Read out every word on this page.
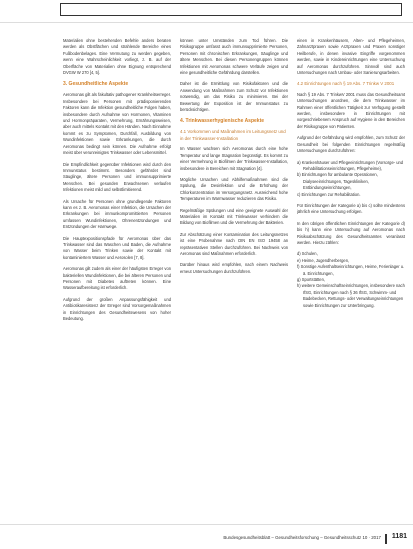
Materialien ohne bestehenden Befehle anders beraten werden als Obstflächen und strahlende Bereiche eines Fußbodenbelages. Eine Vermutung zu werden gegeben, wenn eine Wahrscheinlichkeit vorliegt, z. B. auf der Oberfläche von Materialien ohne Eignung entsprechend DVGW W 270 [4, 5].

3. Gesundheitliche Aspekte

Aeromonas gilt als fakultativ pathogener Krankheitserreger. Insbesondere bei Personen mit prädisponierenden Faktoren kann die Infektion gesundheitliche Folgen haben, insbesondere durch Aufnahme von Hormonen, Vitaminen und Hormonpräparaten, Vermehrung, Ernährungsweisen, aber auch mittels Kontakt mit den Händen. Nach Einnahme kommt es zu Symptomen, Durchfall, Ausbildung von Wundinfektionen sowie Erkrankungen, die durch Aeromonas bedingt sein können. Die Aufnahme erfolgt meist über verunreinigtes Trinkwasser oder Lebensmittel.

Die Empfindlichkeit gegenüber Infektionen wird durch den Immunstatus bestimmt. Besonders gefährdet sind Säuglinge, ältere Personen und immunsupprimierte Menschen. Bei gesunden Erwachsenen verlaufen Infektionen meist mild und selbstlimitierend.

Als Ursache für Personen ohne grundlegende Faktoren kann es z. B. Aeromonas einer Infektion, die Ursachen der Erkrankungen bei immunkompromittierten Personen umfassen Wundinfektionen, Ohrenentzündungen und Entzündungen der Harnwege.

Die Hauptexpositionspfade für Aeromonas über das Trinkwasser sind das Waschen und Baden, die Aufnahme von Wasser beim Trinken sowie der Kontakt mit kontaminiertem Wasser und Aerosolen [7, 8].

Aeromonas gilt zudem als einer der häufigsten Erreger von bakteriellen Wundinfektionen, die bei älteren Personen und Personen mit Diabetes auftreten können. Eine Wasseraufbereitung ist erforderlich.

Aufgrund der großen Anpassungsfähigkeit und Antibiotikaresistenz der Erreger sind Vorsorgemaßnahmen in Einrichtungen des Gesundheitswesens von hoher Bedeutung.

können unter Umständen zum Tod führen. Die Risikogruppe umfasst auch immunsupprimierte Personen, Personen mit chronischen Erkrankungen, Säuglinge und ältere Menschen. Bei diesen Personengruppen können Infektionen mit Aeromonas schwere Verläufe zeigen und eine gesundheitliche Gefährdung darstellen.

Daher ist die Ermittlung von Risikofaktoren und die Anwendung von Maßnahmen zum Schutz vor Infektionen notwendig, um das Risiko zu minimieren. Bei der Bewertung der Exposition ist der Immunstatus zu berücksichtigen.

4. Trinkwasserhygienische Aspekte
4.1 Vorkommen und Maßnahmen im Leitungsnetz und in der Trinkwasser-Installation

Im Wasser wachsen sich Aeromonas durch eine hohe Temperatur und lange Stagnation begünstigt. Es kommt zu einer Vermehrung in Biofilmen der Trinkwasser-Installation, insbesondere in Bereichen mit Stagnation [4].

Mögliche Ursachen und Abhilfemaßnahmen sind die Spülung, die Desinfektion und die Erhöhung der Chlorkonzentration im Versorgungsnetz. Ausreichend hohe Temperaturen im Warmwasser reduzieren das Risiko.

Regelmäßige Spülungen und eine geeignete Auswahl der Materialien im Kontakt mit Trinkwasser verhindern die Bildung von Biofilmen und die Vermehrung der Bakterien.

Zur Abschätzung einer Kontamination des Leitungsnetzes ist eine Probenahme nach DIN EN ISO 19458 an repräsentativen Stellen durchzuführen. Bei Nachweis von Aeromonas sind Maßnahmen erforderlich.

Darüber hinaus wird empfohlen, nach einem Nachweis erneut Untersuchungen durchzuführen.

einen in Krankenhäusern, Alten- und Pflegeheimen, Zahnarztpraxen sowie Arztpraxen und Praxen sonstiger Heilberufe, in denen invasive Eingriffe vorgenommen werden, sowie in Kindereinrichtungen eine Untersuchung auf Aeromonas durchzuführen. Sinnvoll sind auch Untersuchungen nach Umbau- oder Sanierungsarbeiten.

4.2 Einrichtungen nach § 19 Abs. 7 Trinkw V 2001

Nach § 19 Abs. 7 TrinkwV 2001 muss das Gesundheitsamt Untersuchungen anordnen, die dem Trinkwasser im Rahmen einer öffentlichen Tätigkeit zur Verfügung gestellt werden, insbesondere in Einrichtungen mit vorgeschriebenem Anspruch auf Hygiene in den Bereichen der Risikogruppe von Patienten.

Aufgrund der Gefährdung wird empfohlen, zum Schutz der Gesundheit bei folgenden Einrichtungen regelmäßig Untersuchungen durchzuführen:

a) Krankenhäuser und Pflegeeinrichtungen (Vorsorge- und Rehabilitationseinrichtungen, Pflegeheime),
b) Einrichtungen für ambulante Operationen, Dialyseeinrichtungen, Tageskliniken, Entbindungseinrichtungen,
c) Einrichtungen zur Rehabilitation.

Für Einrichtungen der Kategorie a) bis c) sollte mindestens jährlich eine Untersuchung erfolgen.

In den übrigen öffentlichen Einrichtungen der Kategorie d) bis h) kann eine Untersuchung auf Aeromonas nach Risikoabschätzung des Gesundheitsamtes veranlasst werden. Hierzu zählen:

d) Schulen,
e) Heime, Jugendherbergen,
f) Sonstige Aufenthaltseinrichtungen, Heime, Ferienlager u. ä. Einrichtungen,
g) Sportstätten,
h) weitere Gemeinschaftseinrichtungen, insbesondere nach IfSG, Einrichtungen nach § 36 IfSG, Schwimm- und Badebecken, Rettungs- oder Verwaltungseinrichtungen sowie Einrichtungen zur Unterbringung.
Bundesgesundheitsblatt – Gesundheitsforschung – Gesundheitsschutz 10 · 2017 1181
